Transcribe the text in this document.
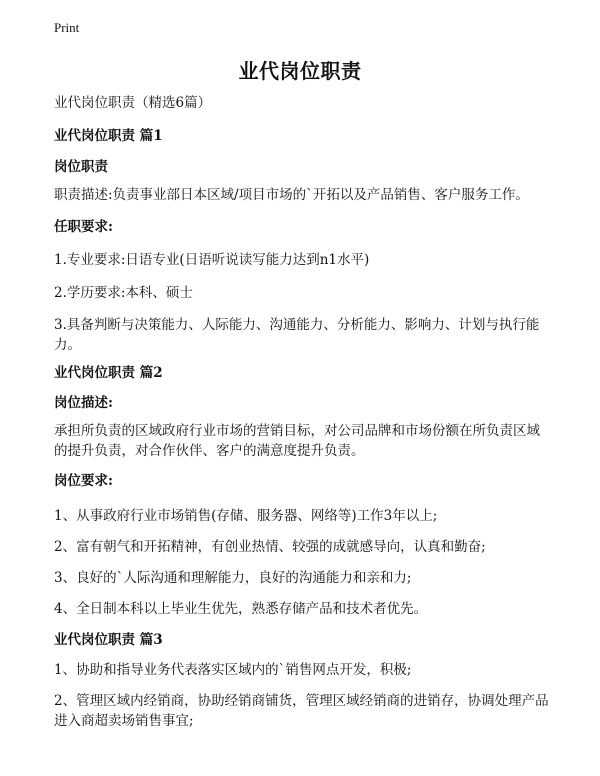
Print
业代岗位职责
业代岗位职责（精选6篇）
业代岗位职责 篇1
岗位职责
职责描述:负责事业部日本区域/项目市场的`开拓以及产品销售、客户服务工作。
任职要求:
1.专业要求:日语专业(日语听说读写能力达到n1水平)
2.学历要求:本科、硕士
3.具备判断与决策能力、人际能力、沟通能力、分析能力、影响力、计划与执行能力。
业代岗位职责 篇2
岗位描述:
承担所负责的区域政府行业市场的营销目标，对公司品牌和市场份额在所负责区域的提升负责，对合作伙伴、客户的满意度提升负责。
岗位要求:
1、从事政府行业市场销售(存储、服务器、网络等)工作3年以上;
2、富有朝气和开拓精神，有创业热情、较强的成就感导向，认真和勤奋;
3、良好的`人际沟通和理解能力，良好的沟通能力和亲和力;
4、全日制本科以上毕业生优先，熟悉存储产品和技术者优先。
业代岗位职责 篇3
1、协助和指导业务代表落实区域内的`销售网点开发，积极;
2、管理区域内经销商，协助经销商铺货，管理区域经销商的进销存，协调处理产品进入商超卖场销售事宜;
